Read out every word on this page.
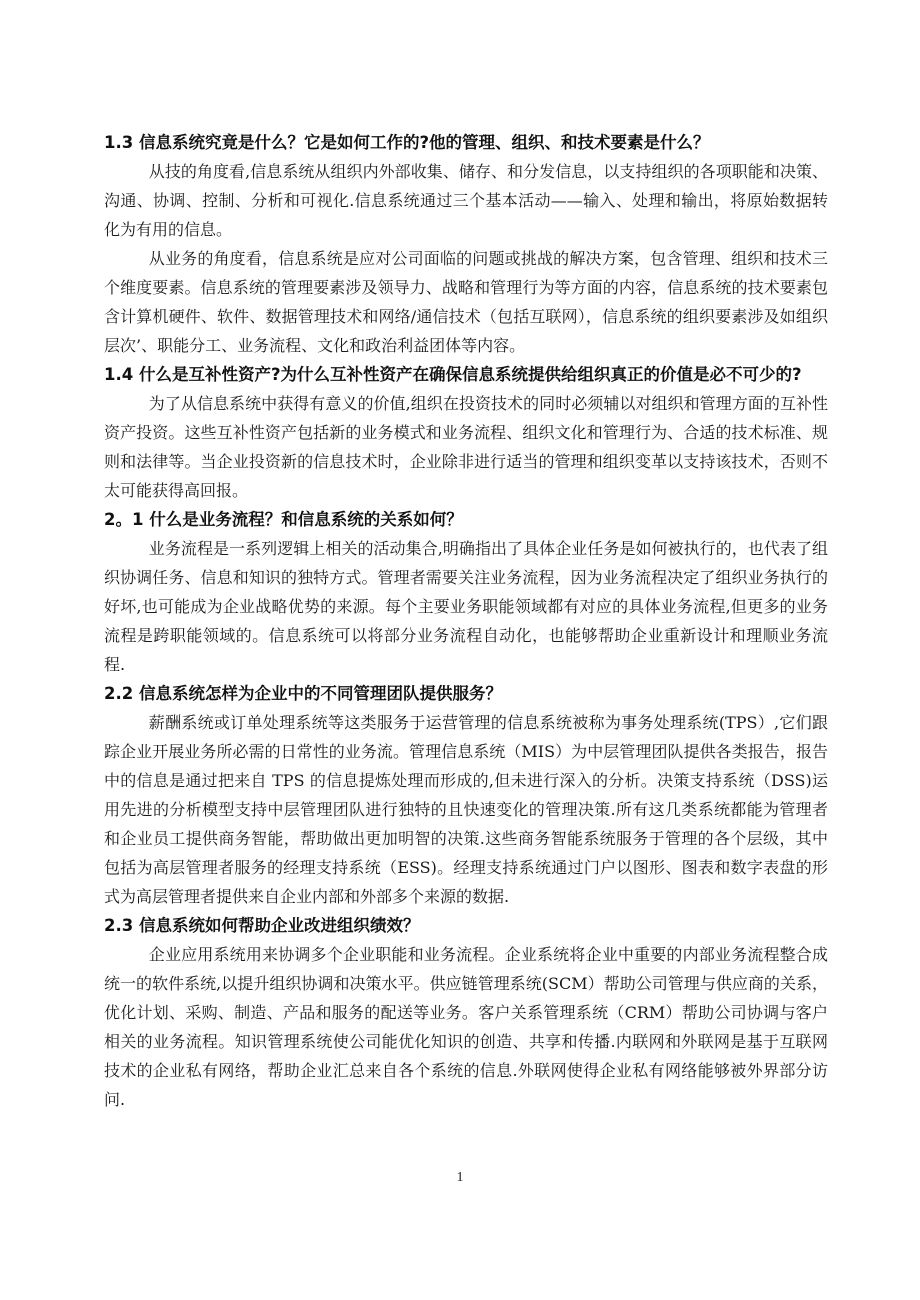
1.3 信息系统究竟是什么？它是如何工作的?他的管理、组织、和技术要素是什么？

从技的角度看,信息系统从组织内外部收集、储存、和分发信息，以支持组织的各项职能和决策、沟通、协调、控制、分析和可视化.信息系统通过三个基本活动——输入、处理和输出，将原始数据转化为有用的信息。

从业务的角度看，信息系统是应对公司面临的问题或挑战的解决方案，包含管理、组织和技术三个维度要素。信息系统的管理要素涉及领导力、战略和管理行为等方面的内容，信息系统的技术要素包含计算机硬件、软件、数据管理技术和网络/通信技术（包括互联网），信息系统的组织要素涉及如组织层次’、职能分工、业务流程、文化和政治利益团体等内容。

1.4 什么是互补性资产?为什么互补性资产在确保信息系统提供给组织真正的价值是必不可少的?

为了从信息系统中获得有意义的价值,组织在投资技术的同时必须辅以对组织和管理方面的互补性资产投资。这些互补性资产包括新的业务模式和业务流程、组织文化和管理行为、合适的技术标准、规则和法律等。当企业投资新的信息技术时，企业除非进行适当的管理和组织变革以支持该技术，否则不太可能获得高回报。

2。1 什么是业务流程？和信息系统的关系如何？

业务流程是一系列逻辑上相关的活动集合,明确指出了具体企业任务是如何被执行的，也代表了组织协调任务、信息和知识的独特方式。管理者需要关注业务流程，因为业务流程决定了组织业务执行的好坏,也可能成为企业战略优势的来源。每个主要业务职能领域都有对应的具体业务流程,但更多的业务流程是跨职能领域的。信息系统可以将部分业务流程自动化，也能够帮助企业重新设计和理顺业务流程.

2.2 信息系统怎样为企业中的不同管理团队提供服务？

薪酬系统或订单处理系统等这类服务于运营管理的信息系统被称为事务处理系统(TPS）,它们跟踪企业开展业务所必需的日常性的业务流。管理信息系统（MIS）为中层管理团队提供各类报告，报告中的信息是通过把来自 TPS 的信息提炼处理而形成的,但未进行深入的分析。决策支持系统（DSS)运用先进的分析模型支持中层管理团队进行独特的且快速变化的管理决策.所有这几类系统都能为管理者和企业员工提供商务智能，帮助做出更加明智的决策.这些商务智能系统服务于管理的各个层级，其中包括为高层管理者服务的经理支持系统（ESS)。经理支持系统通过门户以图形、图表和数字表盘的形式为高层管理者提供来自企业内部和外部多个来源的数据.

2.3 信息系统如何帮助企业改进组织绩效？

企业应用系统用来协调多个企业职能和业务流程。企业系统将企业中重要的内部业务流程整合成统一的软件系统,以提升组织协调和决策水平。供应链管理系统(SCM）帮助公司管理与供应商的关系，优化计划、采购、制造、产品和服务的配送等业务。客户关系管理系统（CRM）帮助公司协调与客户相关的业务流程。知识管理系统使公司能优化知识的创造、共享和传播.内联网和外联网是基于互联网技术的企业私有网络，帮助企业汇总来自各个系统的信息.外联网使得企业私有网络能够被外界部分访问.

1
